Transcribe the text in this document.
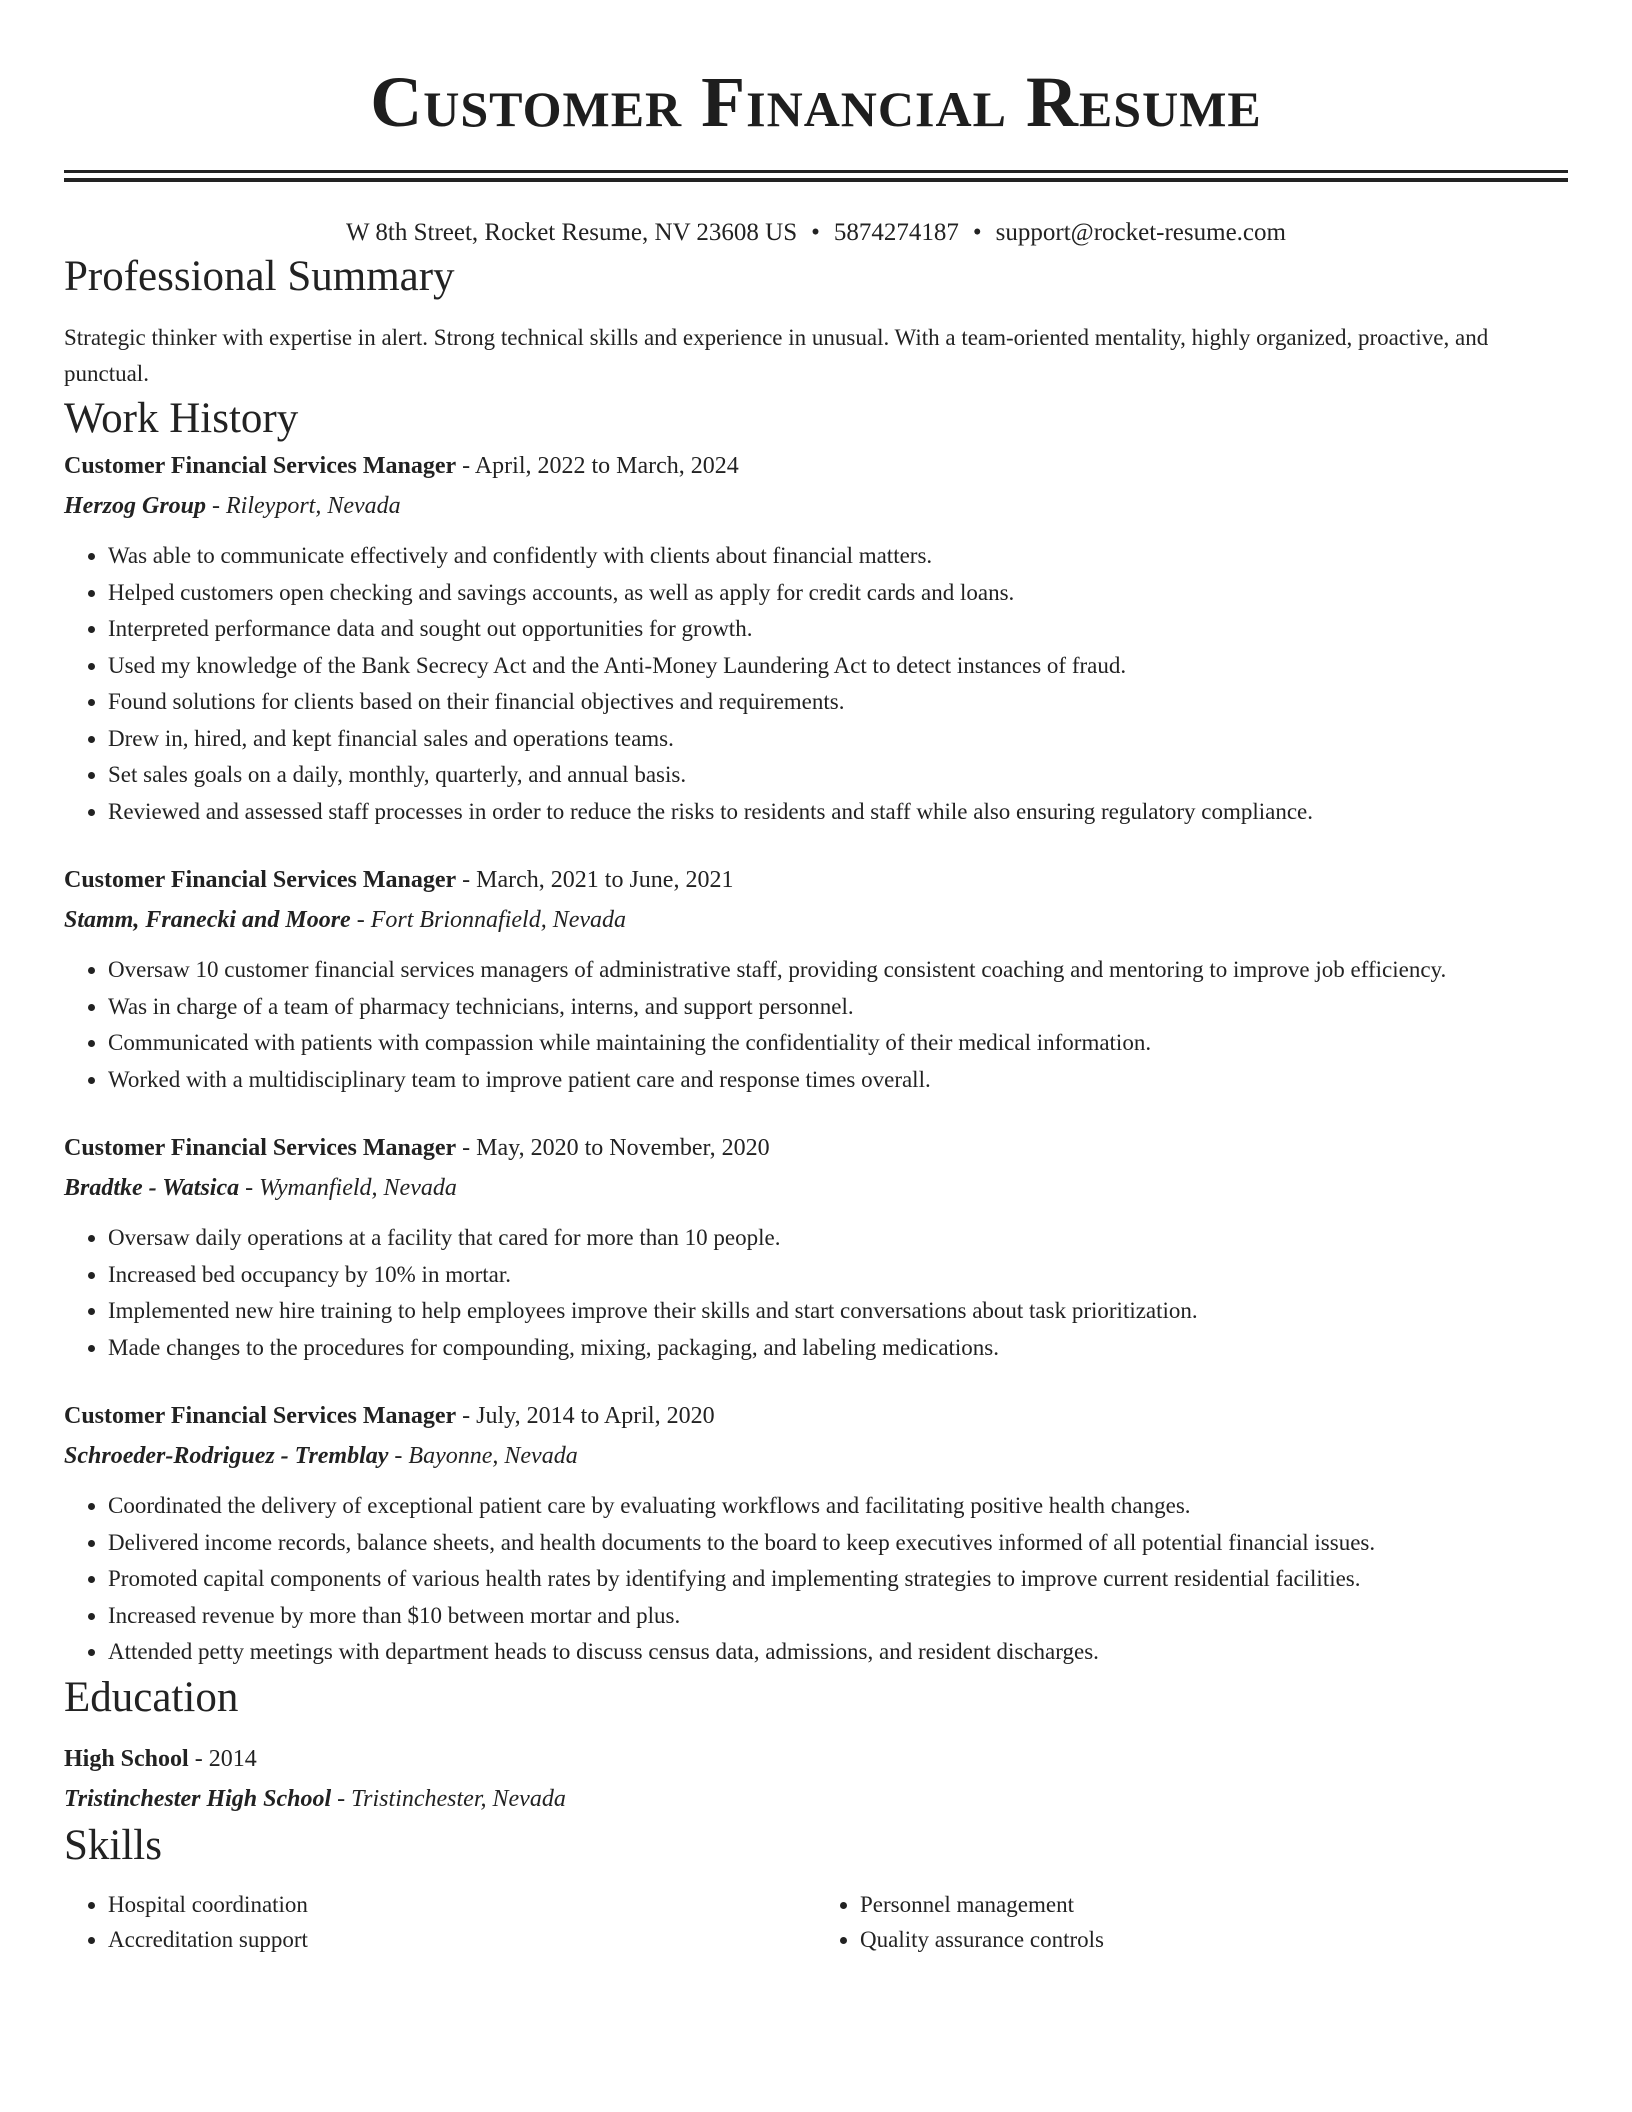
Customer Financial Resume
W 8th Street, Rocket Resume, NV 23608 US • 5874274187 • support@rocket-resume.com
Professional Summary
Strategic thinker with expertise in alert. Strong technical skills and experience in unusual. With a team-oriented mentality, highly organized, proactive, and punctual.
Work History
Customer Financial Services Manager - April, 2022 to March, 2024
Herzog Group - Rileyport, Nevada
• Was able to communicate effectively and confidently with clients about financial matters.
• Helped customers open checking and savings accounts, as well as apply for credit cards and loans.
• Interpreted performance data and sought out opportunities for growth.
• Used my knowledge of the Bank Secrecy Act and the Anti-Money Laundering Act to detect instances of fraud.
• Found solutions for clients based on their financial objectives and requirements.
• Drew in, hired, and kept financial sales and operations teams.
• Set sales goals on a daily, monthly, quarterly, and annual basis.
• Reviewed and assessed staff processes in order to reduce the risks to residents and staff while also ensuring regulatory compliance.
Customer Financial Services Manager - March, 2021 to June, 2021
Stamm, Franecki and Moore - Fort Brionnafield, Nevada
• Oversaw 10 customer financial services managers of administrative staff, providing consistent coaching and mentoring to improve job efficiency.
• Was in charge of a team of pharmacy technicians, interns, and support personnel.
• Communicated with patients with compassion while maintaining the confidentiality of their medical information.
• Worked with a multidisciplinary team to improve patient care and response times overall.
Customer Financial Services Manager - May, 2020 to November, 2020
Bradtke - Watsica - Wymanfield, Nevada
• Oversaw daily operations at a facility that cared for more than 10 people.
• Increased bed occupancy by 10% in mortar.
• Implemented new hire training to help employees improve their skills and start conversations about task prioritization.
• Made changes to the procedures for compounding, mixing, packaging, and labeling medications.
Customer Financial Services Manager - July, 2014 to April, 2020
Schroeder-Rodriguez - Tremblay - Bayonne, Nevada
• Coordinated the delivery of exceptional patient care by evaluating workflows and facilitating positive health changes.
• Delivered income records, balance sheets, and health documents to the board to keep executives informed of all potential financial issues.
• Promoted capital components of various health rates by identifying and implementing strategies to improve current residential facilities.
• Increased revenue by more than $10 between mortar and plus.
• Attended petty meetings with department heads to discuss census data, admissions, and resident discharges.
Education
High School - 2014
Tristinchester High School - Tristinchester, Nevada
Skills
• Hospital coordination
• Accreditation support
• Personnel management
• Quality assurance controls
